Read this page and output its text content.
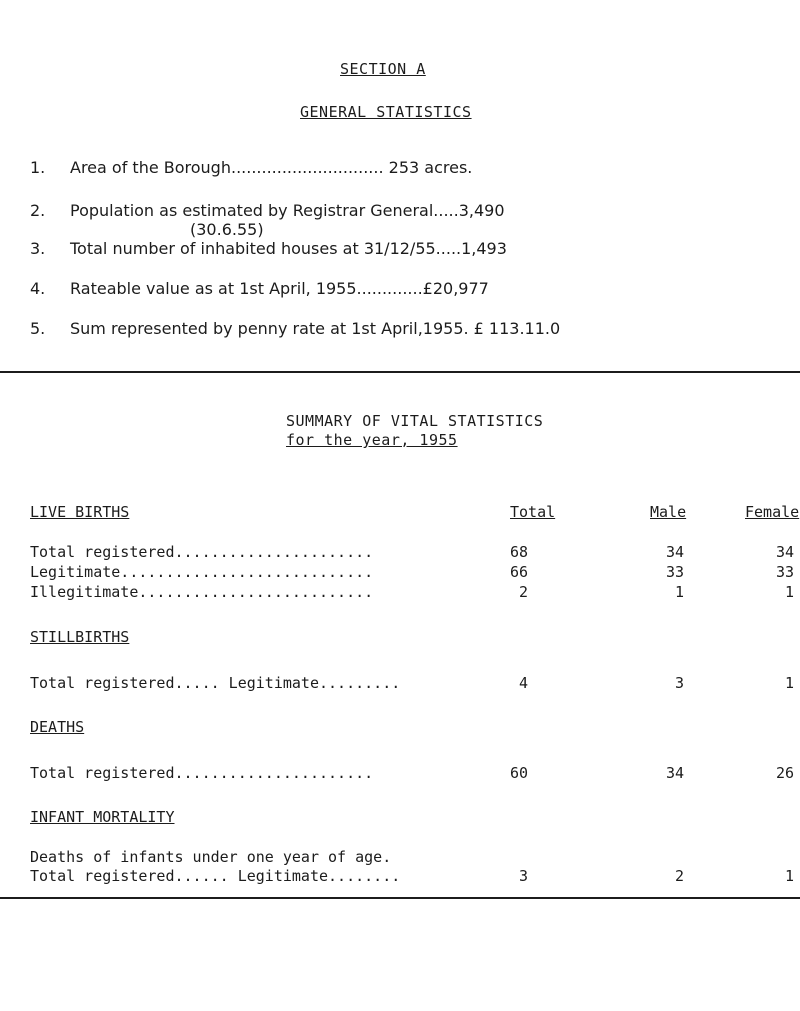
SECTION A
GENERAL STATISTICS
1. Area of the Borough.............................. 253 acres.
2. Population as estimated by Registrar General.....3,490
(30.6.55)
3. Total number of inhabited houses at 31/12/55.....1,493
4. Rateable value as at 1st April, 1955.............£20,977
5. Sum represented by penny rate at 1st April,1955. £ 113.11.0
SUMMARY OF VITAL STATISTICS
for the year, 1955
LIVE BIRTHS	Total	Male	Female
Total registered......................	68	34	34
Legitimate............................	66	33	33
Illegitimate..........................	2	1	1
STILLBIRTHS
Total registered..... Legitimate.........	4	3	1
DEATHS
Total registered......................	60	34	26
INFANT MORTALITY
Deaths of infants under one year of age.
Total registered...... Legitimate........	3	2	1
